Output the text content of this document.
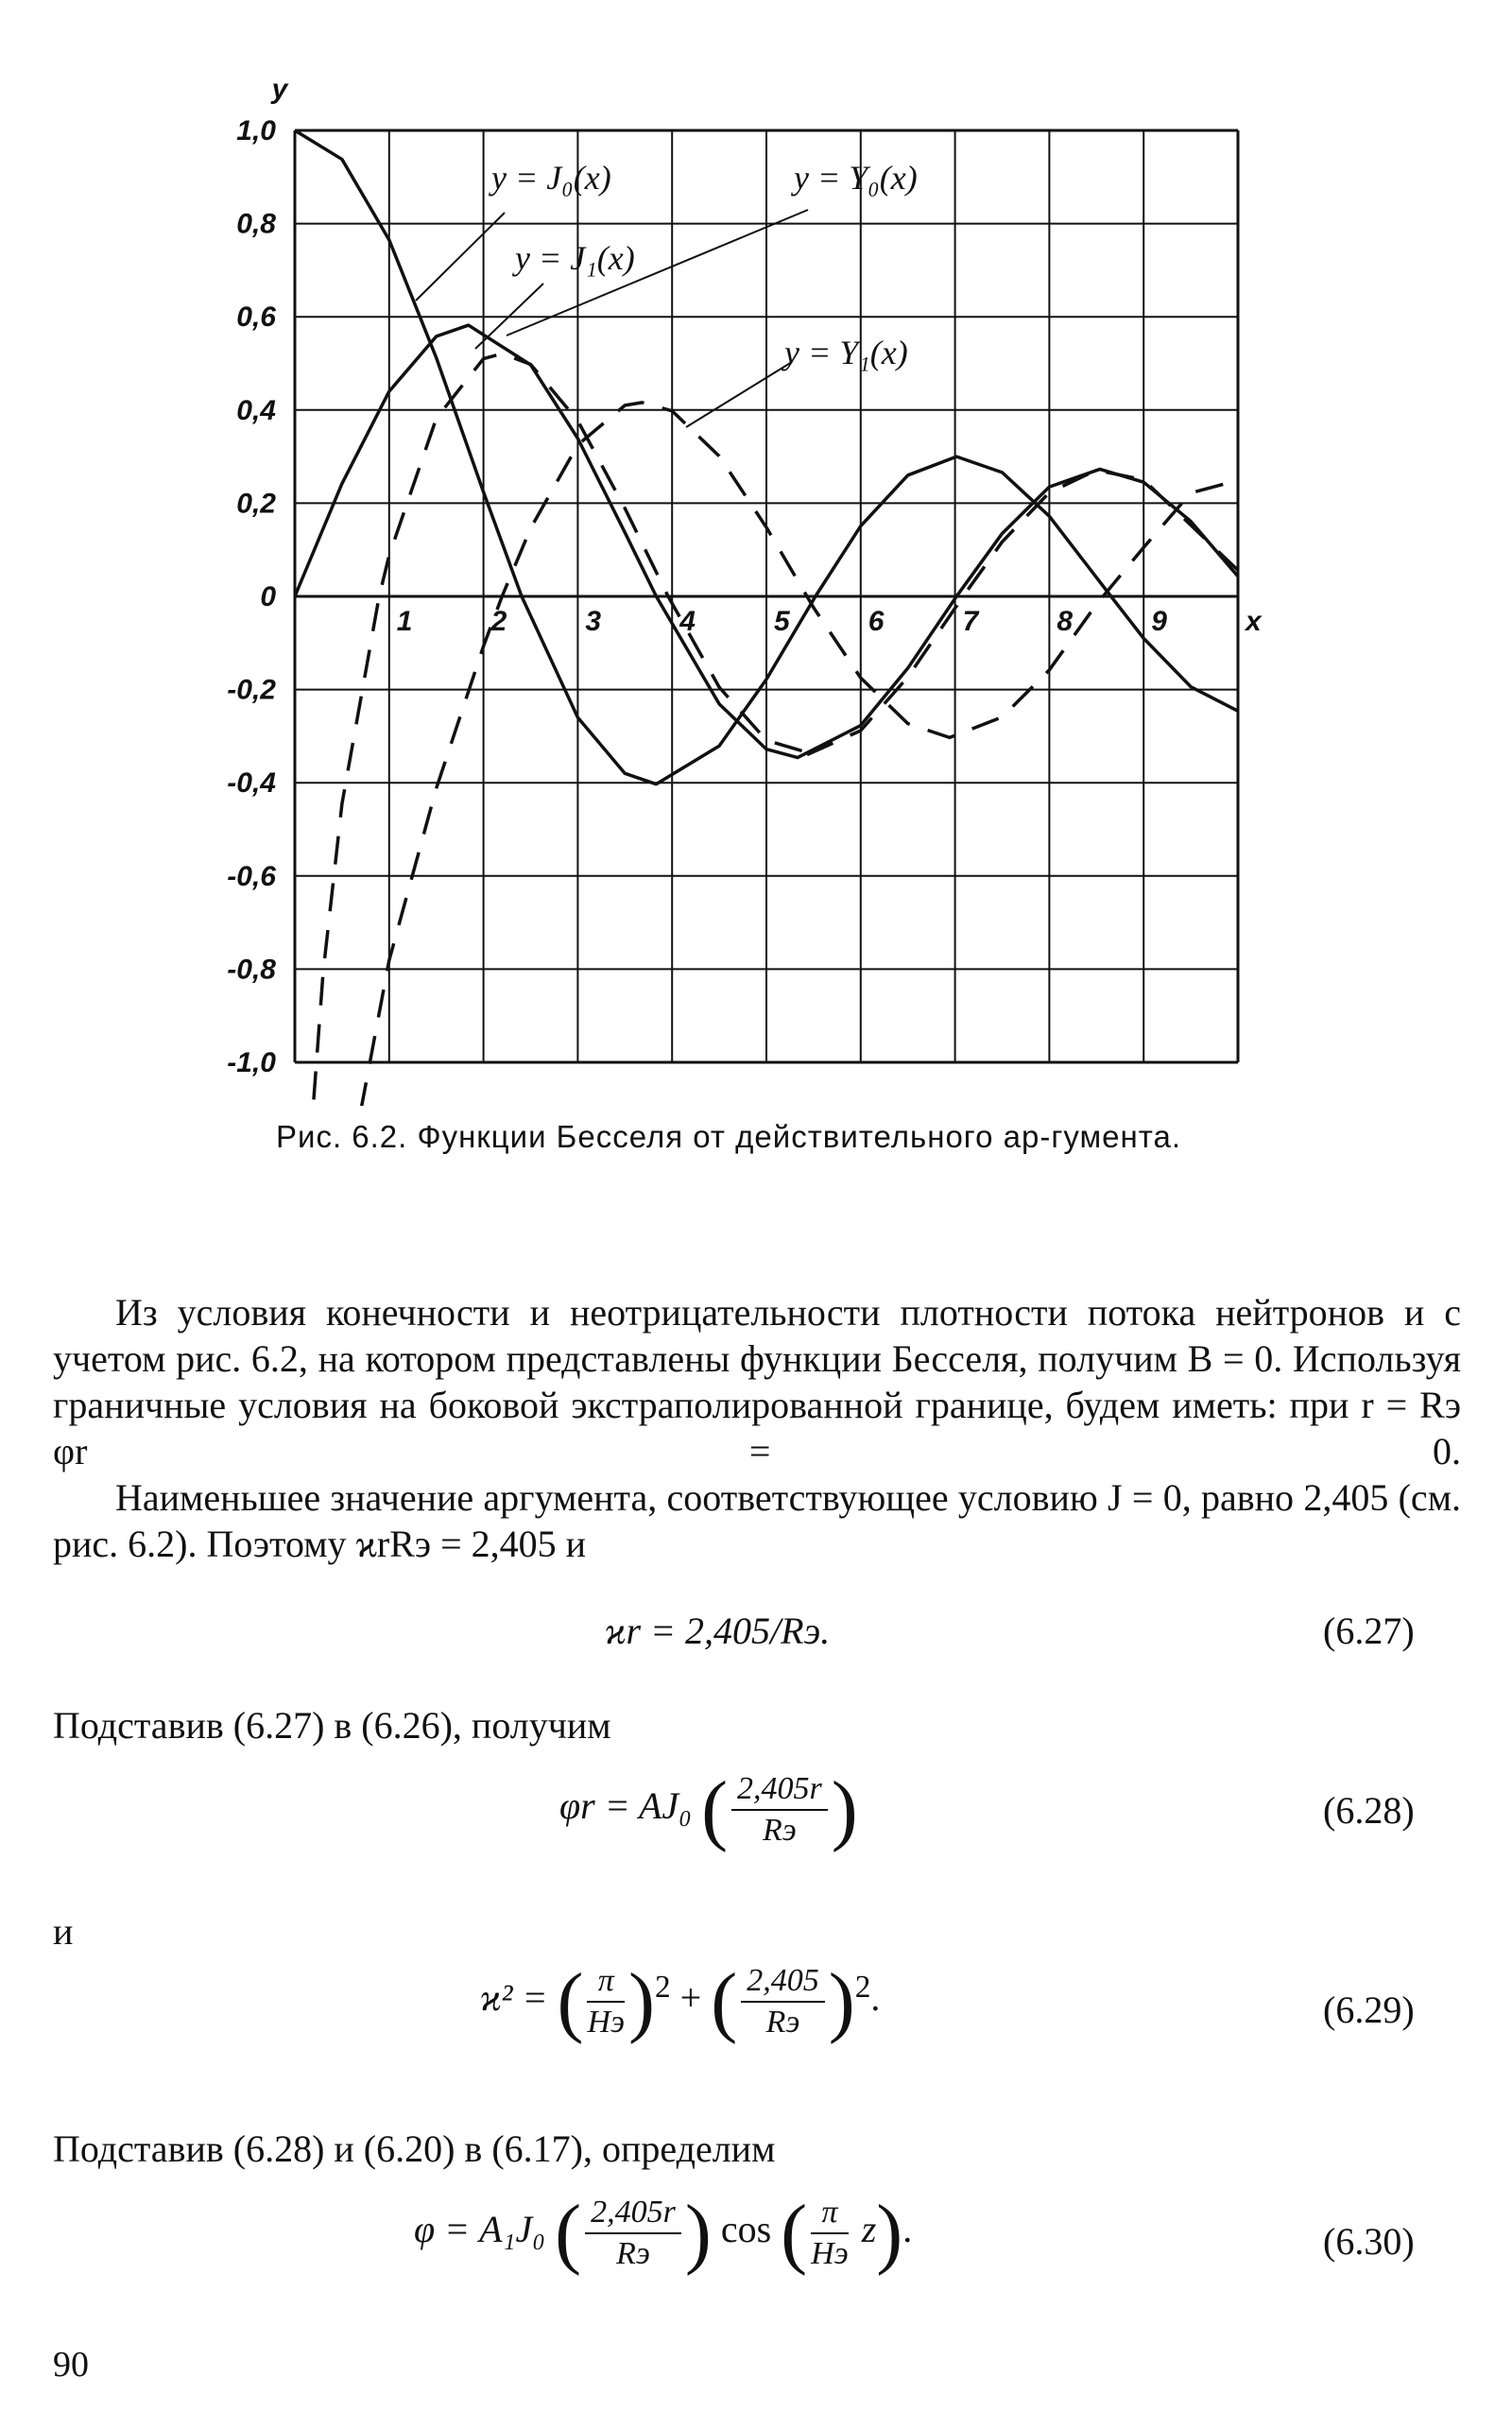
1,0
0,8
0,6
0,4
0,2
0
-0,2
-0,4
-0,6
-0,8
-1,0
1	2	3	4	5	6	7	8	9	x
y
y = J₀(x)
y = J₁(x)
y = Y₀(x)
y = Y₁(x)
Рис. 6.2. Функции Бесселя от действительного ар-гумента.
Из условия конечности и неотрицательности плотности потока нейтронов и с учетом рис. 6.2, на котором представлены функции Бесселя, получим B = 0. Используя граничные условия на боковой экстраполированной границе, будем иметь: при r = Rэ φr = 0.
Наименьшее значение аргумента, соответствующее условию J = 0, равно 2,405 (см. рис. 6.2). Поэтому ϰrRэ = 2,405 и
ϰr = 2,405/Rэ.	(6.27)
Подставив (6.27) в (6.26), получим
φr = AJ₀ ( $\frac{2,405r}{Rэ}$ )	(6.28)
и
ϰ² = ( $\frac{\pi}{Hэ} )^2$ + ( $\frac{2,405}{Rэ} )^2$.	(6.29)
Подставив (6.28) и (6.20) в (6.17), определим
φ = A₁J₀ ( $\frac{2,405r}{Rэ}$ ) cos ( $\frac{\pi}{Hэ} z$).	(6.30)
90
